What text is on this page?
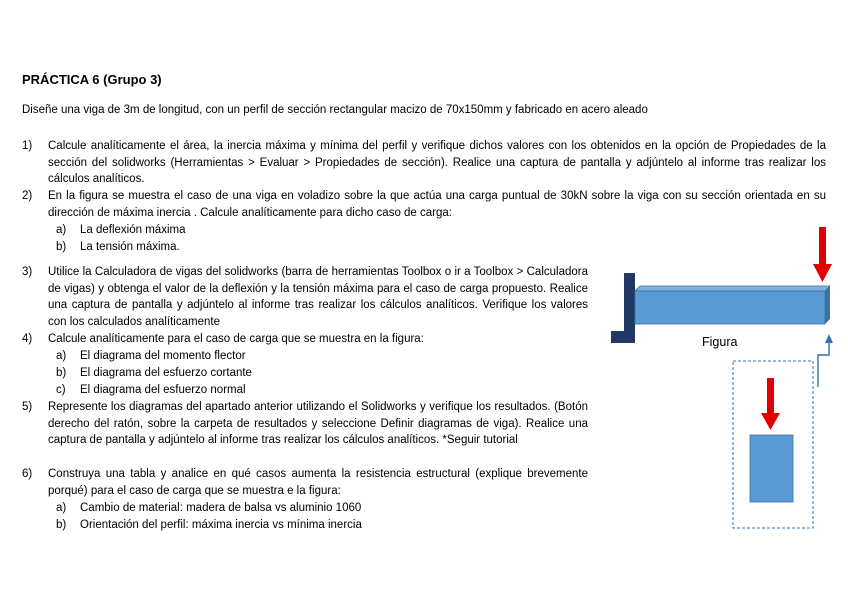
PRÁCTICA 6 (Grupo 3)
Diseñe una viga de 3m de longitud, con un perfil de sección rectangular macizo de 70x150mm y fabricado en acero aleado
1) Calcule analíticamente el área, la inercia máxima y mínima del perfil y verifique dichos valores con los obtenidos en la opción de Propiedades de la sección del solidworks (Herramientas > Evaluar > Propiedades de sección). Realice una captura de pantalla y adjúntelo al informe tras realizar los cálculos analíticos.
2) En la figura se muestra el caso de una viga en voladizo sobre la que actúa una carga puntual de 30kN sobre la viga con su sección orientada en su dirección de máxima inercia . Calcule analíticamente para dicho caso de carga:
a) La deflexión máxima
b) La tensión máxima.
3) Utilice la Calculadora de vigas del solidworks (barra de herramientas Toolbox o ir a Toolbox > Calculadora de vigas) y obtenga el valor de la deflexión y la tensión máxima para el caso de carga propuesto. Realice una captura de pantalla y adjúntelo al informe tras realizar los cálculos analíticos. Verifique los valores con los calculados analíticamente
4) Calcule analíticamente para el caso de carga que se muestra en la figura:
a) El diagrama del momento flector
b) El diagrama del esfuerzo cortante
c) El diagrama del esfuerzo normal
5) Represente los diagramas del apartado anterior utilizando el Solidworks y verifique los resultados. (Botón derecho del ratón, sobre la carpeta de resultados y seleccione Definir diagramas de viga). Realice una captura de pantalla y adjúntelo al informe tras realizar los cálculos analíticos. *Seguir tutorial
6) Construya una tabla y analice en qué casos aumenta la resistencia estructural (explique brevemente porqué) para el caso de carga que se muestra e la figura:
a) Cambio de material: madera de balsa vs aluminio 1060
b) Orientación del perfil: máxima inercia vs mínima inercia
Figura
